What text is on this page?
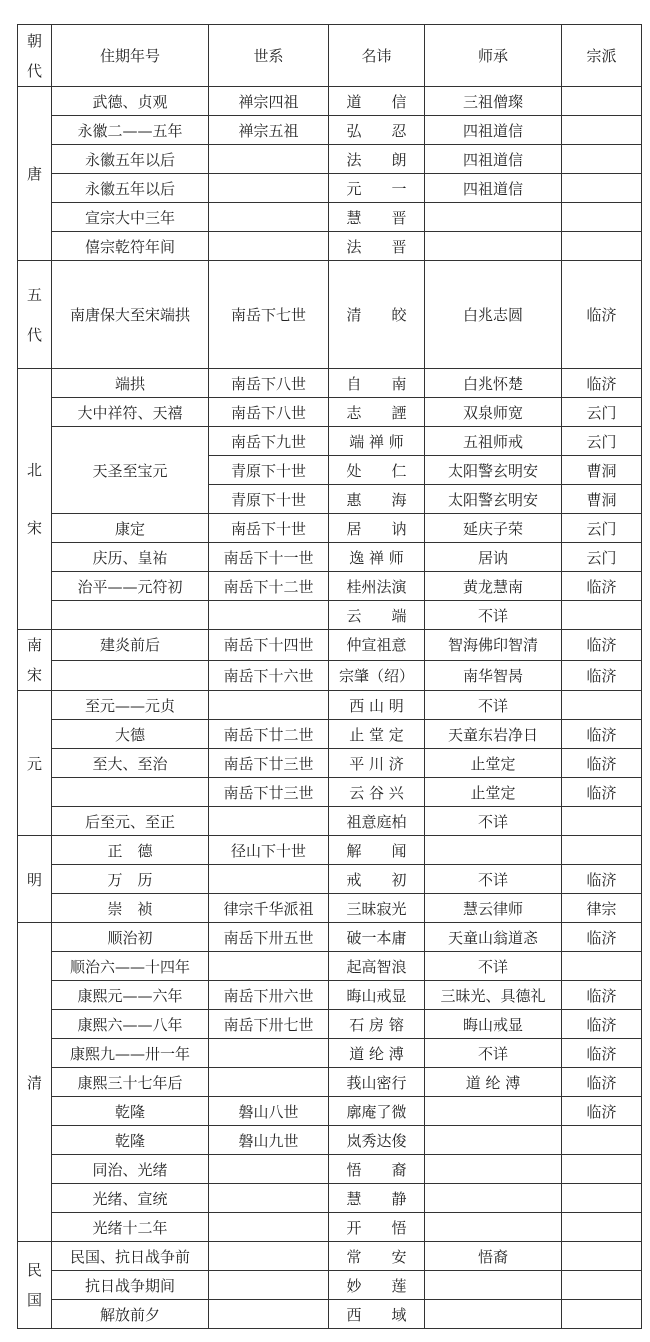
朝代	住期年号	世系	名讳	师承	宗派
唐	武德、贞观	禅宗四祖	道　　信	三祖僧璨	
	永徽二——五年	禅宗五祖	弘　　忍	四祖道信	
	永徽五年以后		法　　朗	四祖道信	
	永徽五年以后		元　　一	四祖道信	
	宣宗大中三年		慧　　晋		
	僖宗乾符年间		法　　晋		
五代	南唐保大至宋端拱	南岳下七世	清　　皎	白兆志圆	临济
北宋	端拱	南岳下八世	自　　南	白兆怀楚	临济
	大中祥符、天禧	南岳下八世	志　　諲	双泉师宽	云门
	天圣至宝元	南岳下九世	端 禅 师	五祖师戒	云门
		青原下十世	处　　仁	太阳警玄明安	曹洞
		青原下十世	惠　　海	太阳警玄明安	曹洞
	康定	南岳下十世	居　　讷	延庆子荣	云门
	庆历、皇祐	南岳下十一世	逸 禅 师	居讷	云门
	治平——元符初	南岳下十二世	桂州法演	黄龙慧南	临济
			云　　端	不详	
南宋	建炎前后	南岳下十四世	仲宣祖意	智海佛印智清	临济
		南岳下十六世	宗肇（绍）	南华智昺	临济
元	至元——元贞		西 山 明	不详	
	大德	南岳下廿二世	止 堂 定	天童东岩净日	临济
	至大、至治	南岳下廿三世	平 川 济	止堂定	临济
		南岳下廿三世	云 谷 兴	止堂定	临济
	后至元、至正		祖意庭柏	不详	
明	正　德	径山下十世	解　　闻		
	万　历		戒　　初	不详	临济
	崇　祯	律宗千华派祖	三昧寂光	慧云律师	律宗
清	顺治初	南岳下卅五世	破一本庸	天童山翁道忞	临济
	顺治六——十四年		起高智浪	不详	
	康熙元——六年	南岳下卅六世	晦山戒显	三昧光、具德礼	临济
	康熙六——八年	南岳下卅七世	石 房 镕	晦山戒显	临济
	康熙九——卅一年		道 纶 溥	不详	临济
	康熙三十七年后		莪山密行	道 纶 溥	临济
	乾隆	磐山八世	廓庵了微		临济
	乾隆	磐山九世	岚秀达俊		
	同治、光绪		悟　　裔		
	光绪、宣统		慧　　静		
	光绪十二年		开　　悟		
民国	民国、抗日战争前		常　　安	悟裔	
	抗日战争期间		妙　　莲		
	解放前夕		西　　域		
